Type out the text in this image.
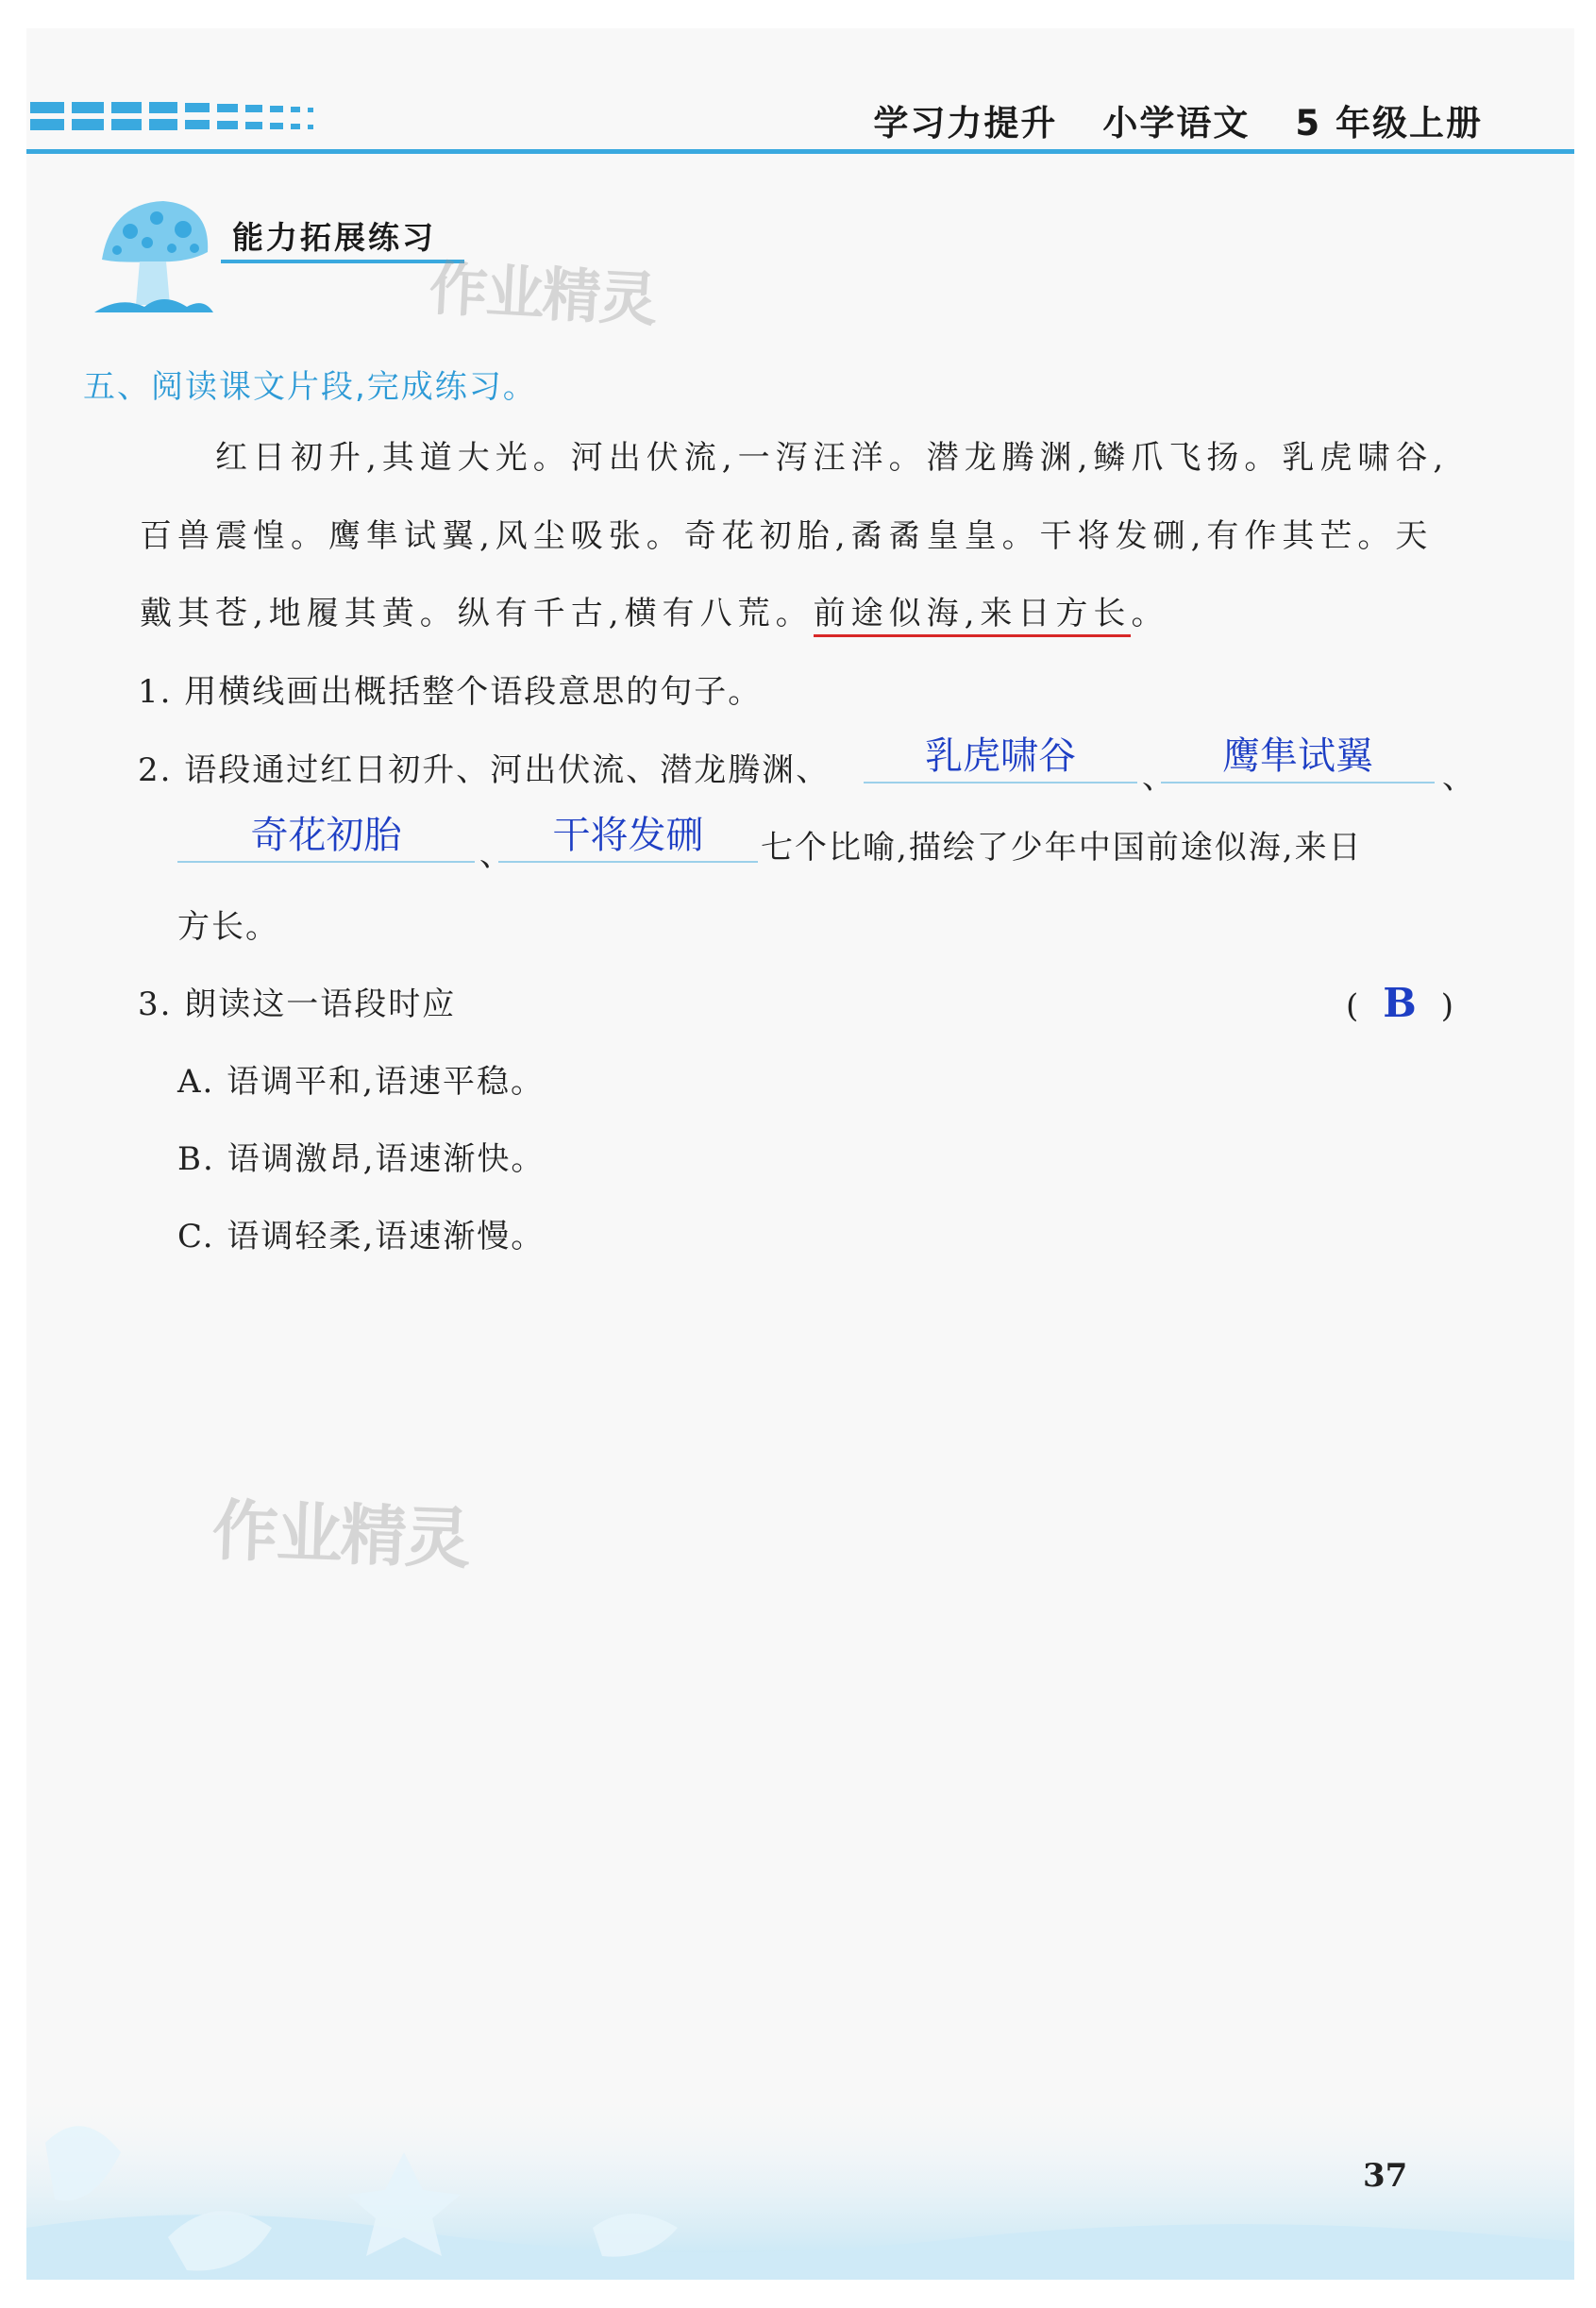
学习力提升 小学语文 5 年级上册
能力拓展练习
作业精灵
五、阅读课文片段,完成练习。
红日初升,其道大光。河出伏流,一泻汪洋。潜龙腾渊,鳞爪飞扬。乳虎啸谷,
百兽震惶。鹰隼试翼,风尘吸张。奇花初胎,矞矞皇皇。干将发硎,有作其芒。天
戴其苍,地履其黄。纵有千古,横有八荒。前途似海,来日方长。
1. 用横线画出概括整个语段意思的句子。
2. 语段通过红日初升、河出伏流、潜龙腾渊、	乳虎啸谷	、	鹰隼试翼	、
奇花初胎	、	干将发硎	七个比喻,描绘了少年中国前途似海,来日
方长。
3. 朗读这一语段时应	( B )
A. 语调平和,语速平稳。
B. 语调激昂,语速渐快。
C. 语调轻柔,语速渐慢。
作业精灵
37
